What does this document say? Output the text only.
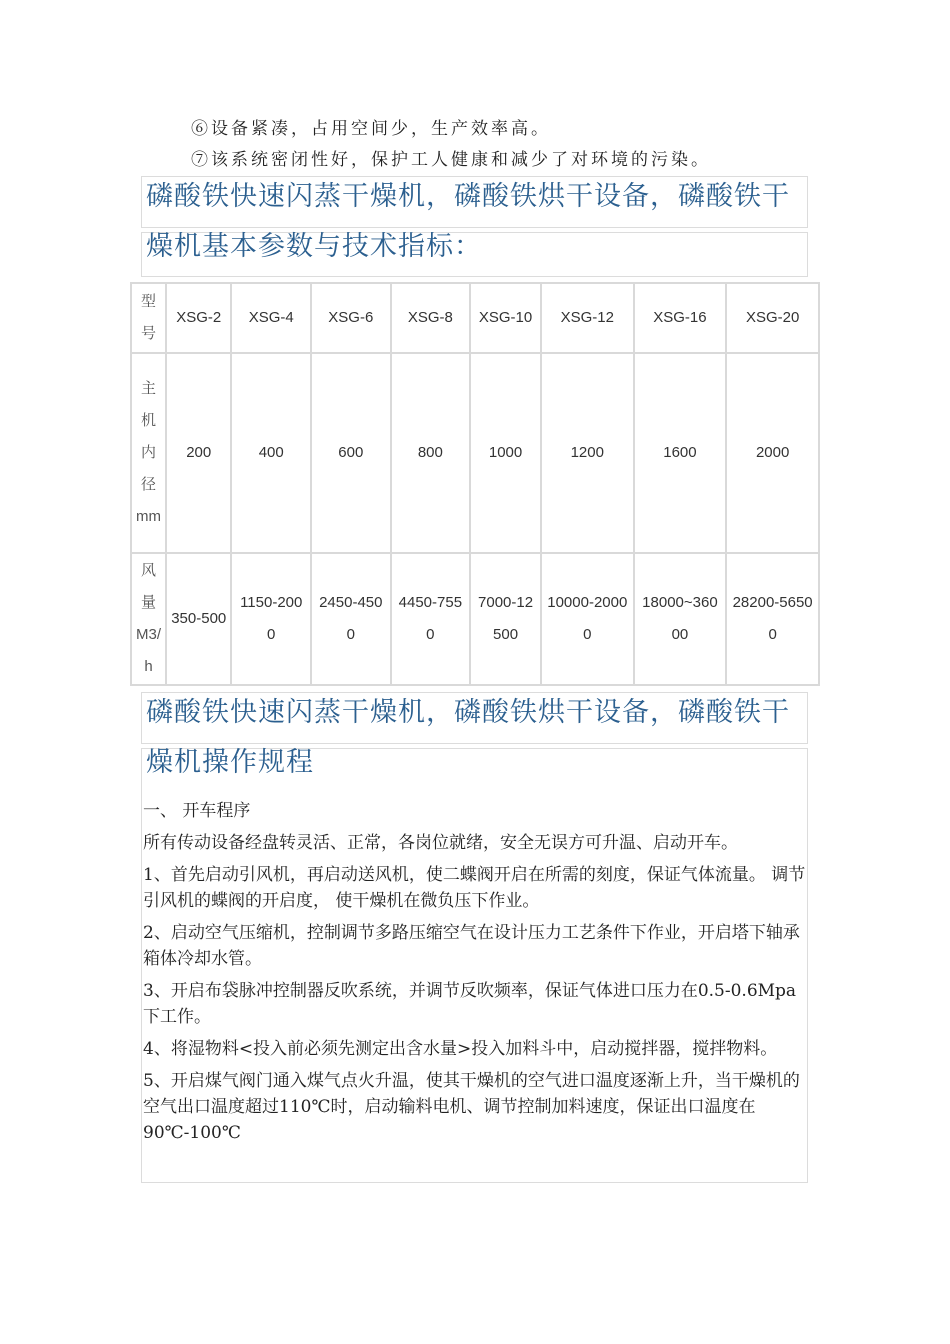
⑥设备紧凑，占用空间少，生产效率高。
⑦该系统密闭性好，保护工人健康和减少了对环境的污染。
磷酸铁快速闪蒸干燥机，磷酸铁烘干设备，磷酸铁干
燥机基本参数与技术指标：
型号	XSG-2	XSG-4	XSG-6	XSG-8	XSG-10	XSG-12	XSG-16	XSG-20
主机内径mm	200	400	600	800	1000	1200	1600	2000
风量M3/h	350-500	1150-2000	2450-4500	4450-7550	7000-12500	10000-20000	18000~36000	28200-56500
磷酸铁快速闪蒸干燥机，磷酸铁烘干设备，磷酸铁干
燥机操作规程

一、 开车程序

所有传动设备经盘转灵活、正常，各岗位就绪，安全无误方可升温、启动开车。

1、首先启动引风机，再启动送风机，使二蝶阀开启在所需的刻度，保证气体流量。 调节引风机的蝶阀的开启度， 使干燥机在微负压下作业。

2、启动空气压缩机，控制调节多路压缩空气在设计压力工艺条件下作业，开启塔下轴承箱体冷却水管。

3、开启布袋脉冲控制器反吹系统，并调节反吹频率，保证气体进口压力在0.5-0.6Mpa 下工作。

4、将湿物料<投入前必须先测定出含水量>投入加料斗中，启动搅拌器，搅拌物料。

5、开启煤气阀门通入煤气点火升温，使其干燥机的空气进口温度逐渐上升，当干燥机的空气出口温度超过110℃时，启动输料电机、调节控制加料速度，保证出口温度在 90℃-100℃
